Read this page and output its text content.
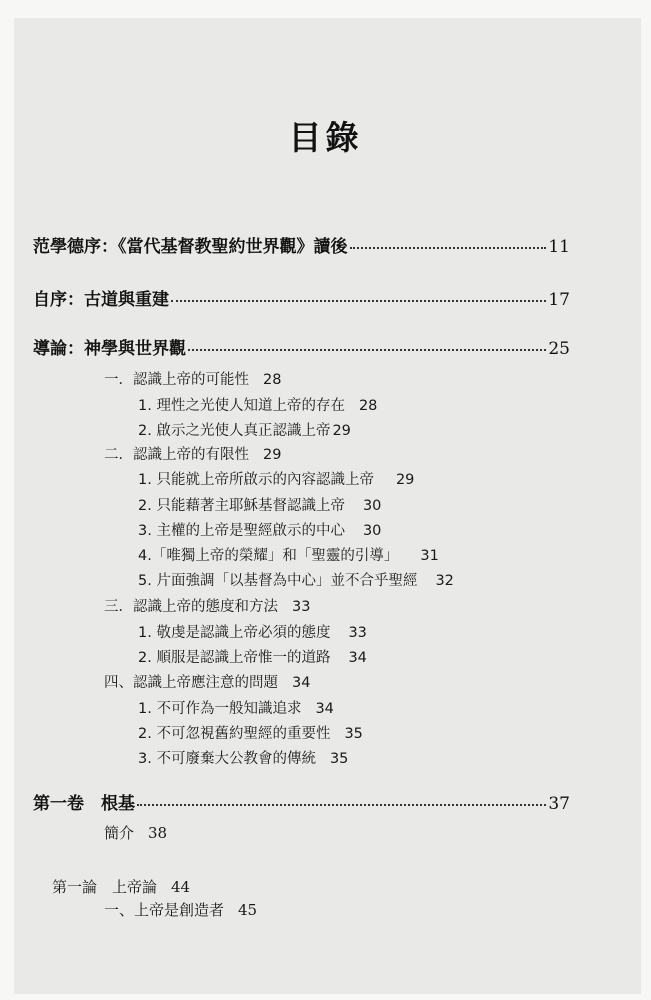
目錄
范學德序：《當代基督教聖約世界觀》讀後	11
自序：古道與重建	17
導論：神學與世界觀	25
一．認識上帝的可能性 28
1. 理性之光使人知道上帝的存在 28
2. 啟示之光使人真正認識上帝 29
二．認識上帝的有限性 29
1. 只能就上帝所啟示的內容認識上帝 29
2. 只能藉著主耶穌基督認識上帝 30
3. 主權的上帝是聖經啟示的中心 30
4.「唯獨上帝的榮耀」和「聖靈的引導」 31
5. 片面強調「以基督為中心」並不合乎聖經 32
三．認識上帝的態度和方法 33
1. 敬虔是認識上帝必須的態度 33
2. 順服是認識上帝惟一的道路 34
四、認識上帝應注意的問題 34
1. 不可作為一般知識追求 34
2. 不可忽視舊約聖經的重要性 35
3. 不可廢棄大公教會的傳統 35
第一卷　根基	37
簡介 38
第一論　上帝論 44
一、上帝是創造者 45
